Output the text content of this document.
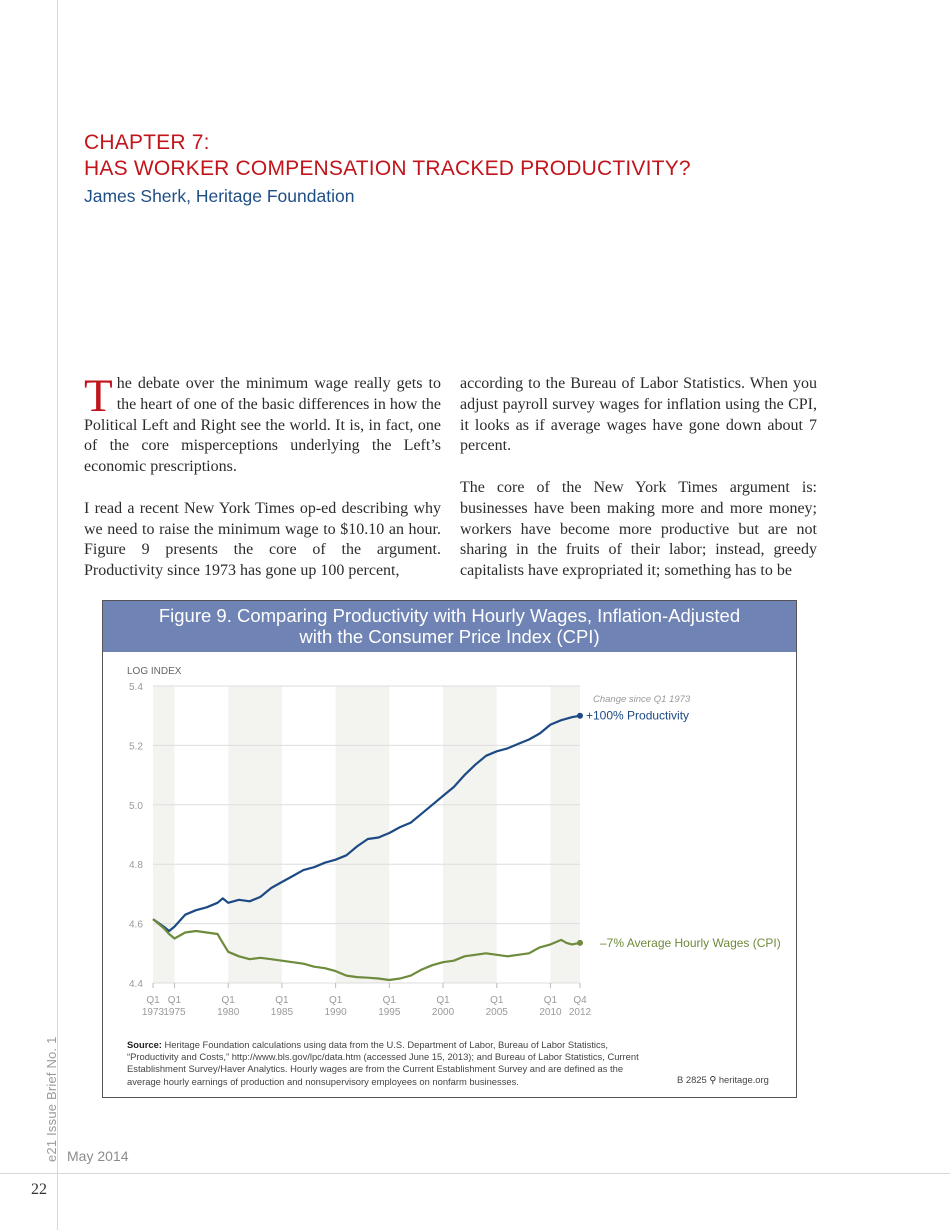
CHAPTER 7:
HAS WORKER COMPENSATION TRACKED PRODUCTIVITY?
James Sherk, Heritage Foundation

The debate over the minimum wage really gets to the heart of one of the basic differences in how the Political Left and Right see the world. It is, in fact, one of the core misperceptions underlying the Left’s economic prescriptions.

I read a recent New York Times op-ed describing why we need to raise the minimum wage to $10.10 an hour. Figure 9 presents the core of the argument. Productivity since 1973 has gone up 100 percent,

according to the Bureau of Labor Statistics. When you adjust payroll survey wages for inflation using the CPI, it looks as if average wages have gone down about 7 percent.

The core of the New York Times argument is: businesses have been making more and more money; workers have become more productive but are not sharing in the fruits of their labor; instead, greedy capitalists have expropriated it; something has to be

5.4
5.2
5.0
4.8
4.6
4.4
LOG INDEX
Q1
1973
Q1
1975
Q1
1980
Q1
1985
Q1
1990
Q1
1995
Q1
2000
Q1
2005
Q1
2010
Q4
2012
+100% Productivity
–7% Average Hourly Wages (CPI)
Change since Q1 1973
Figure 9. Comparing Productivity with Hourly Wages, Inflation-Adjusted
with the Consumer Price Index (CPI)
Source: Heritage Foundation calculations using data from the U.S. Department of Labor, Bureau of Labor Statistics, “Productivity and Costs,” http://www.bls.gov/lpc/data.htm (accessed June 15, 2013); and Bureau of Labor Statistics, Current Establishment Survey/Haver Analytics. Hourly wages are from the Current Establishment Survey and are defined as the average hourly earnings of production and nonsupervisory employees on nonfarm businesses.	B 2825 ⚲ heritage.org
e21 Issue Brief No. 1 May 2014
22
